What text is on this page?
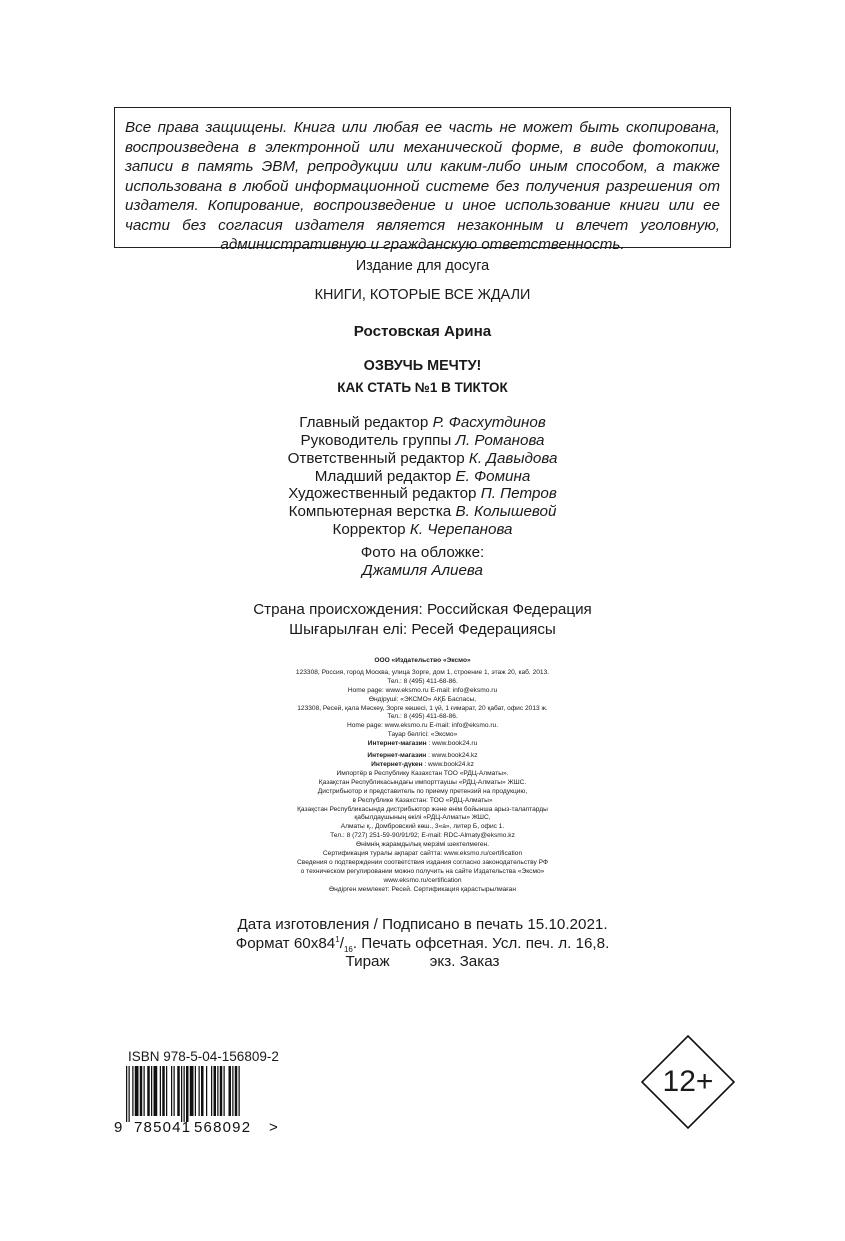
Все права защищены. Книга или любая ее часть не может быть скопирована, воспроизведена в электронной или механической форме, в виде фотокопии, записи в память ЭВМ, репродукции или каким-либо иным способом, а также использована в любой информационной системе без получения разрешения от издателя. Копирование, воспроизведение и иное использование книги или ее части без согласия издателя является незаконным и влечет уголовную, административную и гражданскую ответственность.

Издание для досуга
КНИГИ, КОТОРЫЕ ВСЕ ЖДАЛИ
Ростовская Арина
ОЗВУЧЬ МЕЧТУ!
КАК СТАТЬ №1 В ТИКТОК
Главный редактор Р. Фасхутдинов
Руководитель группы Л. Романова
Ответственный редактор К. Давыдова
Младший редактор Е. Фомина
Художественный редактор П. Петров
Компьютерная верстка В. Колышевой
Корректор К. Черепанова
Фото на обложке:
Джамиля Алиева
Страна происхождения: Российская Федерация
Шығарылған елі: Ресей Федерациясы
ООО «Издательство «Эксмо»
123308, Россия, город Москва, улица Зорге, дом 1, строение 1, этаж 20, каб. 2013.
Тел.: 8 (495) 411-68-86.
Home page: www.eksmo.ru E-mail: info@eksmo.ru
Өндіруші: «ЭКСМО» АҚБ Баспасы,
123308, Ресей, қала Мәскеу, Зорге көшесі, 1 үй, 1 ғимарат, 20 қабат, офис 2013 ж.
Тел.: 8 (495) 411-68-86.
Home page: www.eksmo.ru E-mail: info@eksmo.ru.
Тауар белгісі: «Эксмо»
Интернет-магазин : www.book24.ru
Интернет-магазин : www.book24.kz
Интернет-дүкен : www.book24.kz
Импортёр в Республику Казахстан ТОО «РДЦ-Алматы».
Қазақстан Республикасындағы импорттаушы «РДЦ-Алматы» ЖШС.
Дистрибьютор и представитель по приему претензий на продукцию,
в Республике Казахстан: ТОО «РДЦ-Алматы»
Қазақстан Республикасында дистрибьютор және өнім бойынша арыз-талаптарды
қабылдаушының өкілі «РДЦ-Алматы» ЖШС,
Алматы қ., Домбровский көш., 3«а», литер Б, офис 1.
Тел.: 8 (727) 251-59-90/91/92; E-mail: RDC-Almaty@eksmo.kz
Өнімнің жарамдылық мерзімі шектелмеген.
Сертификация туралы ақпарат сайтта: www.eksmo.ru/certification
Сведения о подтверждении соответствия издания согласно законодательству РФ
о техническом регулировании можно получить на сайте Издательства «Эксмо»
www.eksmo.ru/certification
Өндірген мемлекет: Ресей. Сертификация қарастырылмаған
Дата изготовления / Подписано в печать 15.10.2021.
Формат $60x84^1/_{16}$. Печать офсетная. Усл. печ. л. 16,8.
Тираж	экз. Заказ
ISBN 978-5-04-156809-2
9 785041 568092 >
12+
